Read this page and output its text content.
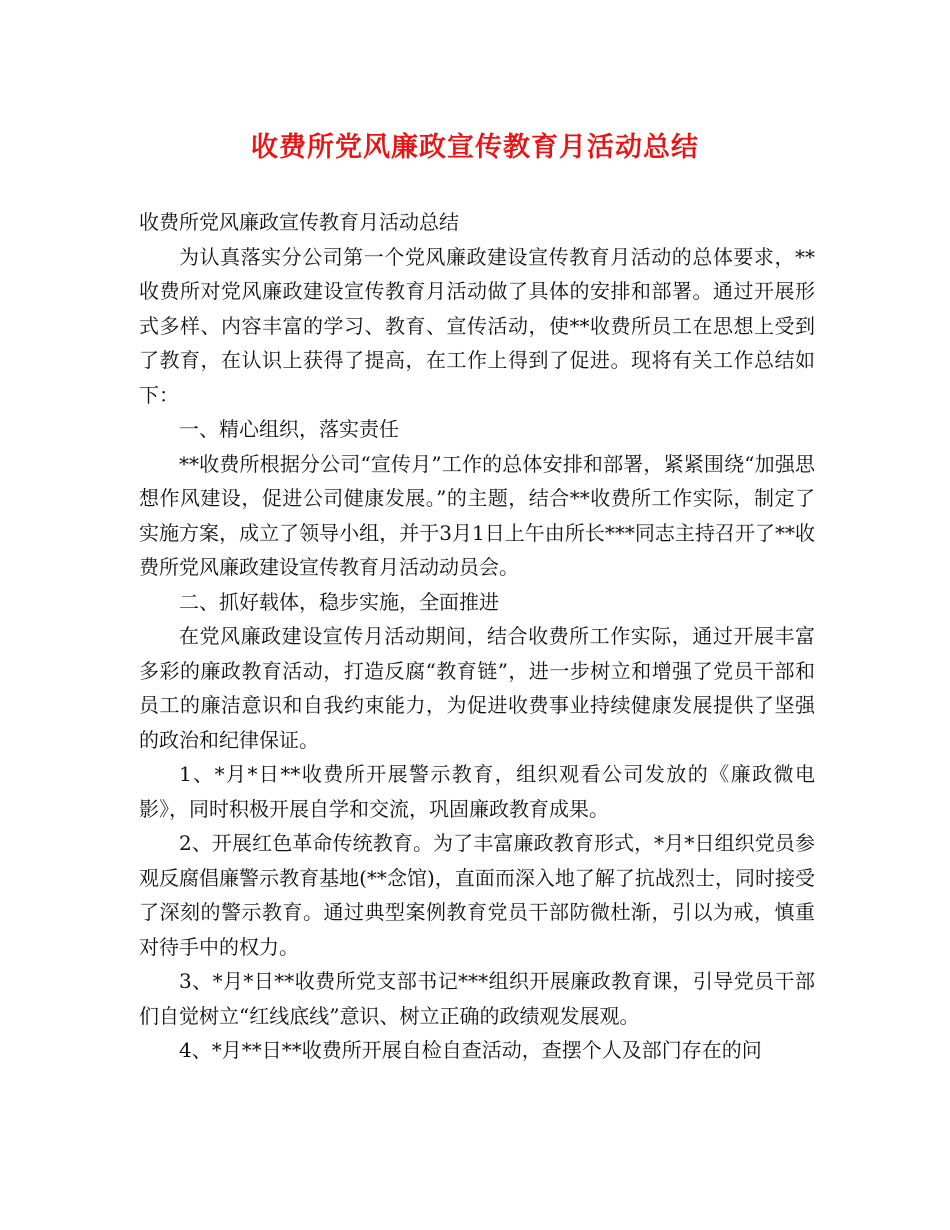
收费所党风廉政宣传教育月活动总结

收费所党风廉政宣传教育月活动总结

为认真落实分公司第一个党风廉政建设宣传教育月活动的总体要求，**收费所对党风廉政建设宣传教育月活动做了具体的安排和部署。通过开展形式多样、内容丰富的学习、教育、宣传活动，使**收费所员工在思想上受到了教育，在认识上获得了提高，在工作上得到了促进。现将有关工作总结如下：

一、精心组织，落实责任

**收费所根据分公司“宣传月”工作的总体安排和部署，紧紧围绕“加强思想作风建设，促进公司健康发展。”的主题，结合**收费所工作实际，制定了实施方案，成立了领导小组，并于3月1日上午由所长***同志主持召开了**收费所党风廉政建设宣传教育月活动动员会。

二、抓好载体，稳步实施，全面推进

在党风廉政建设宣传月活动期间，结合收费所工作实际，通过开展丰富多彩的廉政教育活动，打造反腐“教育链”，进一步树立和增强了党员干部和员工的廉洁意识和自我约束能力，为促进收费事业持续健康发展提供了坚强的政治和纪律保证。

1、*月*日**收费所开展警示教育，组织观看公司发放的《廉政微电影》，同时积极开展自学和交流，巩固廉政教育成果。

2、开展红色革命传统教育。为了丰富廉政教育形式，*月*日组织党员参观反腐倡廉警示教育基地(**念馆)，直面而深入地了解了抗战烈士，同时接受了深刻的警示教育。通过典型案例教育党员干部防微杜渐，引以为戒，慎重对待手中的权力。

3、*月*日**收费所党支部书记***组织开展廉政教育课，引导党员干部们自觉树立“红线底线”意识、树立正确的政绩观发展观。

4、*月**日**收费所开展自检自查活动，查摆个人及部门存在的问
